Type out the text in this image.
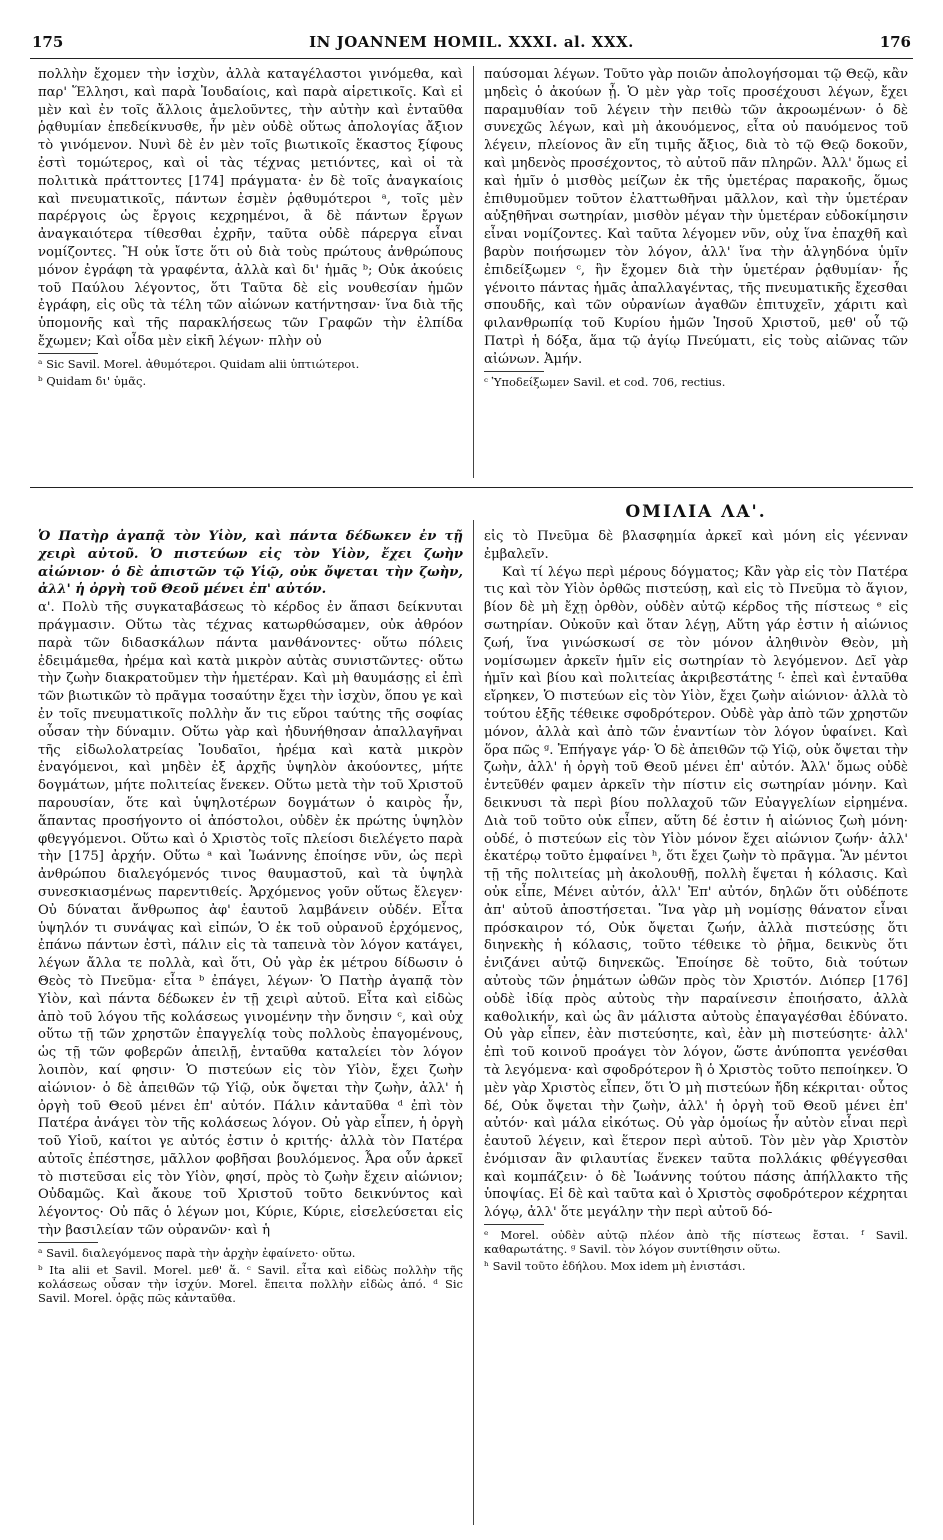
175	IN JOANNEM HOMIL. XXXI. al. XXX.	176

πολλὴν ἔχομεν τὴν ἰσχὺν, ἀλλὰ καταγέλαστοι γινόμεθα, καὶ παρ' Ἕλλησι, καὶ παρὰ Ἰουδαίοις, καὶ παρὰ αἱρετικοῖς. Καὶ εἰ μὲν καὶ ἐν τοῖς ἄλλοις ἀμελοῦντες, τὴν αὐτὴν καὶ ἐνταῦθα ῥᾳθυμίαν ἐπεδείκνυσθε, ἦν μὲν οὐδὲ οὕτως ἀπολογίας ἄξιον τὸ γινόμενον. Νυνὶ δὲ ἐν μὲν τοῖς βιωτικοῖς ἕκαστος ξίφους ἐστὶ τομώτερος, καὶ οἱ τὰς τέχνας μετιόντες, καὶ οἱ τὰ πολιτικὰ πράττοντες [174] πράγματα· ἐν δὲ τοῖς ἀναγκαίοις καὶ πνευματικοῖς, πάντων ἐσμὲν ῥᾳθυμότεροι ᵃ, τοῖς μὲν παρέργοις ὡς ἔργοις κεχρημένοι, ἃ δὲ πάντων ἔργων ἀναγκαιότερα τίθεσθαι ἐχρῆν, ταῦτα οὐδὲ πάρεργα εἶναι νομίζοντες. Ἢ οὐκ ἴστε ὅτι οὐ διὰ τοὺς πρώτους ἀνθρώπους μόνον ἐγράφη τὰ γραφέντα, ἀλλὰ καὶ δι' ἡμᾶς ᵇ; Οὐκ ἀκούεις τοῦ Παύλου λέγοντος, ὅτι Ταῦτα δὲ εἰς νουθεσίαν ἡμῶν ἐγράφη, εἰς οὓς τὰ τέλη τῶν αἰώνων κατήντησαν· ἵνα διὰ τῆς ὑπομονῆς καὶ τῆς παρακλήσεως τῶν Γραφῶν τὴν ἐλπίδα ἔχωμεν; Καὶ οἶδα μὲν εἰκῆ λέγων· πλὴν οὐ

ᵃ Sic Savil. Morel. ἀθυμότεροι. Quidam alii ὑπτιώτεροι.

ᵇ Quidam δι' ὑμᾶς.

παύσομαι λέγων. Τοῦτο γὰρ ποιῶν ἀπολογήσομαι τῷ Θεῷ, κἂν μηδεὶς ὁ ἀκούων ᾖ. Ὁ μὲν γὰρ τοῖς προσέχουσι λέγων, ἔχει παραμυθίαν τοῦ λέγειν τὴν πειθὼ τῶν ἀκροωμένων· ὁ δὲ συνεχῶς λέγων, καὶ μὴ ἀκουόμενος, εἶτα οὐ παυόμενος τοῦ λέγειν, πλείονος ἂν εἴη τιμῆς ἄξιος, διὰ τὸ τῷ Θεῷ δοκοῦν, καὶ μηδενὸς προσέχοντος, τὸ αὐτοῦ πᾶν πληρῶν. Ἀλλ' ὅμως εἰ καὶ ἡμῖν ὁ μισθὸς μείζων ἐκ τῆς ὑμετέρας παρακοῆς, ὅμως ἐπιθυμοῦμεν τοῦτον ἐλαττωθῆναι μᾶλλον, καὶ τὴν ὑμετέραν αὐξηθῆναι σωτηρίαν, μισθὸν μέγαν τὴν ὑμετέραν εὐδοκίμησιν εἶναι νομίζοντες. Καὶ ταῦτα λέγομεν νῦν, οὐχ ἵνα ἐπαχθῆ καὶ βαρὺν ποιήσωμεν τὸν λόγον, ἀλλ' ἵνα τὴν ἀλγηδόνα ὑμῖν ἐπιδείξωμεν ᶜ, ἣν ἔχομεν διὰ τὴν ὑμετέραν ῥᾳθυμίαν· ἧς γένοιτο πάντας ἡμᾶς ἀπαλλαγέντας, τῆς πνευματικῆς ἔχεσθαι σπουδῆς, καὶ τῶν οὐρανίων ἀγαθῶν ἐπιτυχεῖν, χάριτι καὶ φιλανθρωπίᾳ τοῦ Κυρίου ἡμῶν Ἰησοῦ Χριστοῦ, μεθ' οὗ τῷ Πατρὶ ἡ δόξα, ἅμα τῷ ἁγίῳ Πνεύματι, εἰς τοὺς αἰῶνας τῶν αἰώνων. Ἀμήν.

ᶜ Ὑποδείξωμεν Savil. et cod. 706, rectius.

ΟΜΙΛΙΑ ΛΑ'.

Ὁ Πατὴρ ἀγαπᾷ τὸν Υἱὸν, καὶ πάντα δέδωκεν ἐν τῇ χειρὶ αὐτοῦ. Ὁ πιστεύων εἰς τὸν Υἱὸν, ἔχει ζωὴν αἰώνιον· ὁ δὲ ἀπιστῶν τῷ Υἱῷ, οὐκ ὄψεται τὴν ζωὴν, ἀλλ' ἡ ὀργὴ τοῦ Θεοῦ μένει ἐπ' αὐτόν.

α'. Πολὺ τῆς συγκαταβάσεως τὸ κέρδος ἐν ἅπασι δείκνυται πράγμασιν. Οὕτω τὰς τέχνας κατωρθώσαμεν, οὐκ ἀθρόον παρὰ τῶν διδασκάλων πάντα μανθάνοντες· οὕτω πόλεις ἐδειμάμεθα, ἠρέμα καὶ κατὰ μικρὸν αὐτὰς συνιστῶντες· οὕτω τὴν ζωὴν διακρατοῦμεν τὴν ἡμετέραν. Καὶ μὴ θαυμάσῃς εἰ ἐπὶ τῶν βιωτικῶν τὸ πρᾶγμα τοσαύτην ἔχει τὴν ἰσχὺν, ὅπου γε καὶ ἐν τοῖς πνευματικοῖς πολλὴν ἄν τις εὕροι ταύτης τῆς σοφίας οὖσαν τὴν δύναμιν. Οὕτω γὰρ καὶ ἠδυνήθησαν ἀπαλλαγῆναι τῆς εἰδωλολατρείας Ἰουδαῖοι, ἠρέμα καὶ κατὰ μικρὸν ἐναγόμενοι, καὶ μηδὲν ἐξ ἀρχῆς ὑψηλὸν ἀκούοντες, μήτε δογμάτων, μήτε πολιτείας ἕνεκεν. Οὕτω μετὰ τὴν τοῦ Χριστοῦ παρουσίαν, ὅτε καὶ ὑψηλοτέρων δογμάτων ὁ καιρὸς ἦν, ἅπαντας προσήγοντο οἱ ἀπόστολοι, οὐδὲν ἐκ πρώτης ὑψηλὸν φθεγγόμενοι. Οὕτω καὶ ὁ Χριστὸς τοῖς πλείοσι διελέγετο παρὰ τὴν [175] ἀρχήν. Οὕτω ᵃ καὶ Ἰωάννης ἐποίησε νῦν, ὡς περὶ ἀνθρώπου διαλεγόμενός τινος θαυμαστοῦ, καὶ τὰ ὑψηλὰ συνεσκιασμένως παρεντιθείς. Ἀρχόμενος γοῦν οὕτως ἔλεγεν· Οὐ δύναται ἄνθρωπος ἀφ' ἑαυτοῦ λαμβάνειν οὐδέν. Εἶτα ὑψηλόν τι συνάψας καὶ εἰπών, Ὁ ἐκ τοῦ οὐρανοῦ ἐρχόμενος, ἐπάνω πάντων ἐστὶ, πάλιν εἰς τὰ ταπεινὰ τὸν λόγον κατάγει, λέγων ἄλλα τε πολλὰ, καὶ ὅτι, Οὐ γὰρ ἐκ μέτρου δίδωσιν ὁ Θεὸς τὸ Πνεῦμα· εἶτα ᵇ ἐπάγει, λέγων· Ὁ Πατὴρ ἀγαπᾷ τὸν Υἱὸν, καὶ πάντα δέδωκεν ἐν τῇ χειρὶ αὐτοῦ. Εἶτα καὶ εἰδὼς ἀπὸ τοῦ λόγου τῆς κολάσεως γινομένην τὴν ὄνησιν ᶜ, καὶ οὐχ οὕτω τῇ τῶν χρηστῶν ἐπαγγελίᾳ τοὺς πολλοὺς ἐπαγομένους, ὡς τῇ τῶν φοβερῶν ἀπειλῇ, ἐνταῦθα καταλείει τὸν λόγον λοιπὸν, καί φησιν· Ὁ πιστεύων εἰς τὸν Υἱὸν, ἔχει ζωὴν αἰώνιον· ὁ δὲ ἀπειθῶν τῷ Υἱῷ, οὐκ ὄψεται τὴν ζωὴν, ἀλλ' ἡ ὀργὴ τοῦ Θεοῦ μένει ἐπ' αὐτόν. Πάλιν κἀνταῦθα ᵈ ἐπὶ τὸν Πατέρα ἀνάγει τὸν τῆς κολάσεως λόγον. Οὐ γὰρ εἶπεν, ἡ ὀργὴ τοῦ Υἱοῦ, καίτοι γε αὐτός ἐστιν ὁ κριτής· ἀλλὰ τὸν Πατέρα αὐτοῖς ἐπέστησε, μᾶλλον φοβῆσαι βουλόμενος. Ἆρα οὖν ἀρκεῖ τὸ πιστεῦσαι εἰς τὸν Υἱὸν, φησί, πρὸς τὸ ζωὴν ἔχειν αἰώνιον; Οὐδαμῶς. Καὶ ἄκουε τοῦ Χριστοῦ τοῦτο δεικνύντος καὶ λέγοντος· Οὐ πᾶς ὁ λέγων μοι, Κύριε, Κύριε, εἰσελεύσεται εἰς τὴν βασιλείαν τῶν οὐρανῶν· καὶ ἡ

ᵃ Savil. διαλεγόμενος παρὰ τὴν ἀρχὴν ἐφαίνετο· οὕτω.

ᵇ Ita alii et Savil. Morel. μεθ' ἅ. ᶜ Savil. εἶτα καὶ εἰδὼς πολλὴν τῆς κολάσεως οὖσαν τὴν ἰσχύν. Morel. ἔπειτα πολλὴν εἰδὼς ἀπό. ᵈ Sic Savil. Morel. ὁρᾷς πῶς κἀνταῦθα.

εἰς τὸ Πνεῦμα δὲ βλασφημία ἀρκεῖ καὶ μόνη εἰς γέενναν ἐμβαλεῖν.

Καὶ τί λέγω περὶ μέρους δόγματος; Κἂν γὰρ εἰς τὸν Πατέρα τις καὶ τὸν Υἱὸν ὀρθῶς πιστεύσῃ, καὶ εἰς τὸ Πνεῦμα τὸ ἅγιον, βίον δὲ μὴ ἔχῃ ὀρθὸν, οὐδὲν αὐτῷ κέρδος τῆς πίστεως ᵉ εἰς σωτηρίαν. Οὐκοῦν καὶ ὅταν λέγῃ, Αὕτη γάρ ἐστιν ἡ αἰώνιος ζωή, ἵνα γινώσκωσί σε τὸν μόνον ἀληθινὸν Θεὸν, μὴ νομίσωμεν ἀρκεῖν ἡμῖν εἰς σωτηρίαν τὸ λεγόμενον. Δεῖ γὰρ ἡμῖν καὶ βίου καὶ πολιτείας ἀκριβεστάτης ᶠ· ἐπεὶ καὶ ἐνταῦθα εἴρηκεν, Ὁ πιστεύων εἰς τὸν Υἱὸν, ἔχει ζωὴν αἰώνιον· ἀλλὰ τὸ τούτου ἑξῆς τέθεικε σφοδρότερον. Οὐδὲ γὰρ ἀπὸ τῶν χρηστῶν μόνον, ἀλλὰ καὶ ἀπὸ τῶν ἐναντίων τὸν λόγον ὑφαίνει. Καὶ ὅρα πῶς ᵍ. Ἐπήγαγε γάρ· Ὁ δὲ ἀπειθῶν τῷ Υἱῷ, οὐκ ὄψεται τὴν ζωὴν, ἀλλ' ἡ ὀργὴ τοῦ Θεοῦ μένει ἐπ' αὐτόν. Ἀλλ' ὅμως οὐδὲ ἐντεῦθέν φαμεν ἀρκεῖν τὴν πίστιν εἰς σωτηρίαν μόνην. Καὶ δεικνυσι τὰ περὶ βίου πολλαχοῦ τῶν Εὐαγγελίων εἰρημένα. Διὰ τοῦ τοῦτο οὐκ εἶπεν, αὕτη δέ ἐστιν ἡ αἰώνιος ζωὴ μόνη· οὐδέ, ὁ πιστεύων εἰς τὸν Υἱὸν μόνον ἔχει αἰώνιον ζωήν· ἀλλ' ἑκατέρῳ τοῦτο ἐμφαίνει ʰ, ὅτι ἔχει ζωὴν τὸ πρᾶγμα. Ἂν μέντοι τῇ τῆς πολιτείας μὴ ἀκολουθῇ, πολλὴ ἕψεται ἡ κόλασις. Καὶ οὐκ εἶπε, Μένει αὐτόν, ἀλλ' Ἐπ' αὐτόν, δηλῶν ὅτι οὐδέποτε ἀπ' αὐτοῦ ἀποστήσεται. Ἵνα γὰρ μὴ νομίσῃς θάνατον εἶναι πρόσκαιρον τό, Οὐκ ὄψεται ζωήν, ἀλλὰ πιστεύσῃς ὅτι διηνεκὴς ἡ κόλασις, τοῦτο τέθεικε τὸ ῥῆμα, δεικνὺς ὅτι ἐνιζάνει αὐτῷ διηνεκῶς. Ἐποίησε δὲ τοῦτο, διὰ τούτων αὐτοὺς τῶν ῥημάτων ὠθῶν πρὸς τὸν Χριστόν. Διόπερ [176] οὐδὲ ἰδίᾳ πρὸς αὐτοὺς τὴν παραίνεσιν ἐποιήσατο, ἀλλὰ καθολικήν, καὶ ὡς ἂν μάλιστα αὐτοὺς ἐπαγαγέσθαι ἐδύνατο. Οὐ γὰρ εἶπεν, ἐὰν πιστεύσητε, καὶ, ἐὰν μὴ πιστεύσητε· ἀλλ' ἐπὶ τοῦ κοινοῦ προάγει τὸν λόγον, ὥστε ἀνύποπτα γενέσθαι τὰ λεγόμενα· καὶ σφοδρότερον ἢ ὁ Χριστὸς τοῦτο πεποίηκεν. Ὁ μὲν γὰρ Χριστὸς εἶπεν, ὅτι Ὁ μὴ πιστεύων ἤδη κέκριται· οὗτος δέ, Οὐκ ὄψεται τὴν ζωὴν, ἀλλ' ἡ ὀργὴ τοῦ Θεοῦ μένει ἐπ' αὐτόν· καὶ μάλα εἰκότως. Οὐ γὰρ ὁμοίως ἦν αὐτὸν εἶναι περὶ ἑαυτοῦ λέγειν, καὶ ἕτερον περὶ αὐτοῦ. Τὸν μὲν γὰρ Χριστὸν ἐνόμισαν ἂν φιλαυτίας ἕνεκεν ταῦτα πολλάκις φθέγγεσθαι καὶ κομπάζειν· ὁ δὲ Ἰωάννης τούτου πάσης ἀπήλλακτο τῆς ὑποψίας. Εἰ δὲ καὶ ταῦτα καὶ ὁ Χριστὸς σφοδρότερον κέχρηται λόγῳ, ἀλλ' ὅτε μεγάλην τὴν περὶ αὐτοῦ δό-

ᵉ Morel. οὐδὲν αὐτῷ πλέον ἀπὸ τῆς πίστεως ἔσται. ᶠ Savil. καθαρωτάτης. ᵍ Savil. τὸν λόγον συντίθησιν οὕτω.

ʰ Savil τοῦτο ἐδήλου. Mox idem μὴ ἐνιστάσι.
